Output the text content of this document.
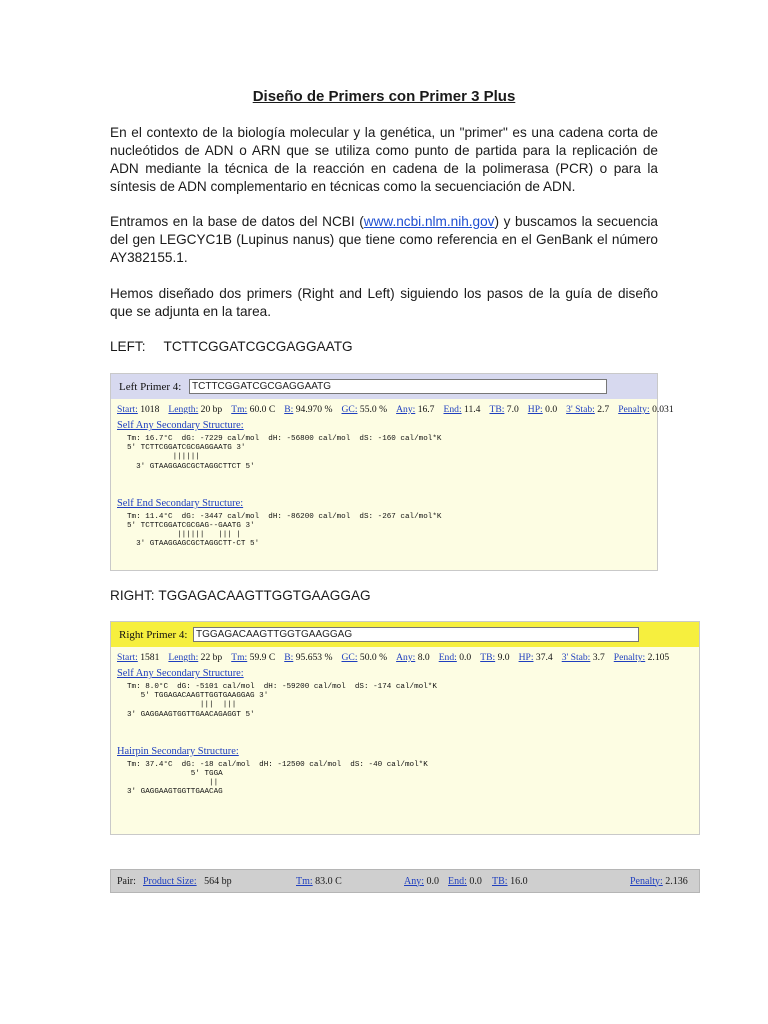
Diseño de Primers con Primer 3 Plus

En el contexto de la biología molecular y la genética, un "primer" es una cadena corta de nucleótidos de ADN o ARN que se utiliza como punto de partida para la replicación de ADN mediante la técnica de la reacción en cadena de la polimerasa (PCR) o para la síntesis de ADN complementario en técnicas como la secuenciación de ADN.

Entramos en la base de datos del NCBI (www.ncbi.nlm.nih.gov) y buscamos la secuencia del gen LEGCYC1B (Lupinus nanus) que tiene como referencia en el GenBank el número AY382155.1.

Hemos diseñado dos primers (Right and Left) siguiendo los pasos de la guía de diseño que se adjunta en la tarea.

LEFT: TCTTCGGATCGCGAGGAATG
Left Primer 4:
TCTTCGGATCGCGAGGAATG
Start: 1018 Length: 20 bp Tm: 60.0 C B: 94.970 % GC: 55.0 % Any: 16.7 End: 11.4 TB: 7.0 HP: 0.0 3' Stab: 2.7 Penalty: 0.031
Self Any Secondary Structure:
Tm: 16.7°C  dG: -7229 cal/mol  dH: -56800 cal/mol  dS: -160 cal/mol*K
5' TCTTCGGATCGCGAGGAATG 3'
||||||
3' GTAAGGAGCGCTAGGCTTCT 5'
Self End Secondary Structure:
Tm: 11.4°C  dG: -3447 cal/mol  dH: -86200 cal/mol  dS: -267 cal/mol*K
5' TCTTCGGATCGCGAG--GAATG 3'
||||||   ||| |
3' GTAAGGAGCGCTAGGCTT-CT 5'
RIGHT: TGGAGACAAGTTGGTGAAGGAG
Right Primer 4:
TGGAGACAAGTTGGTGAAGGAG
Start: 1581 Length: 22 bp Tm: 59.9 C B: 95.653 % GC: 50.0 % Any: 8.0 End: 0.0 TB: 9.0 HP: 37.4 3' Stab: 3.7 Penalty: 2.105
Self Any Secondary Structure:
Tm: 8.0°C  dG: -5101 cal/mol  dH: -59200 cal/mol  dS: -174 cal/mol*K
5' TGGAGACAAGTTGGTGAAGGAG 3'
|||  |||
3' GAGGAAGTGGTTGAACAGAGGT 5'
Hairpin Secondary Structure:
Tm: 37.4°C  dG: -18 cal/mol  dH: -12500 cal/mol  dS: -40 cal/mol*K
5' TGGA
||
3' GAGGAAGTGGTTGAACAG
Pair: Product Size: 564 bp	Tm: 83.0 C	Any: 0.0 End: 0.0 TB: 16.0	Penalty: 2.136
